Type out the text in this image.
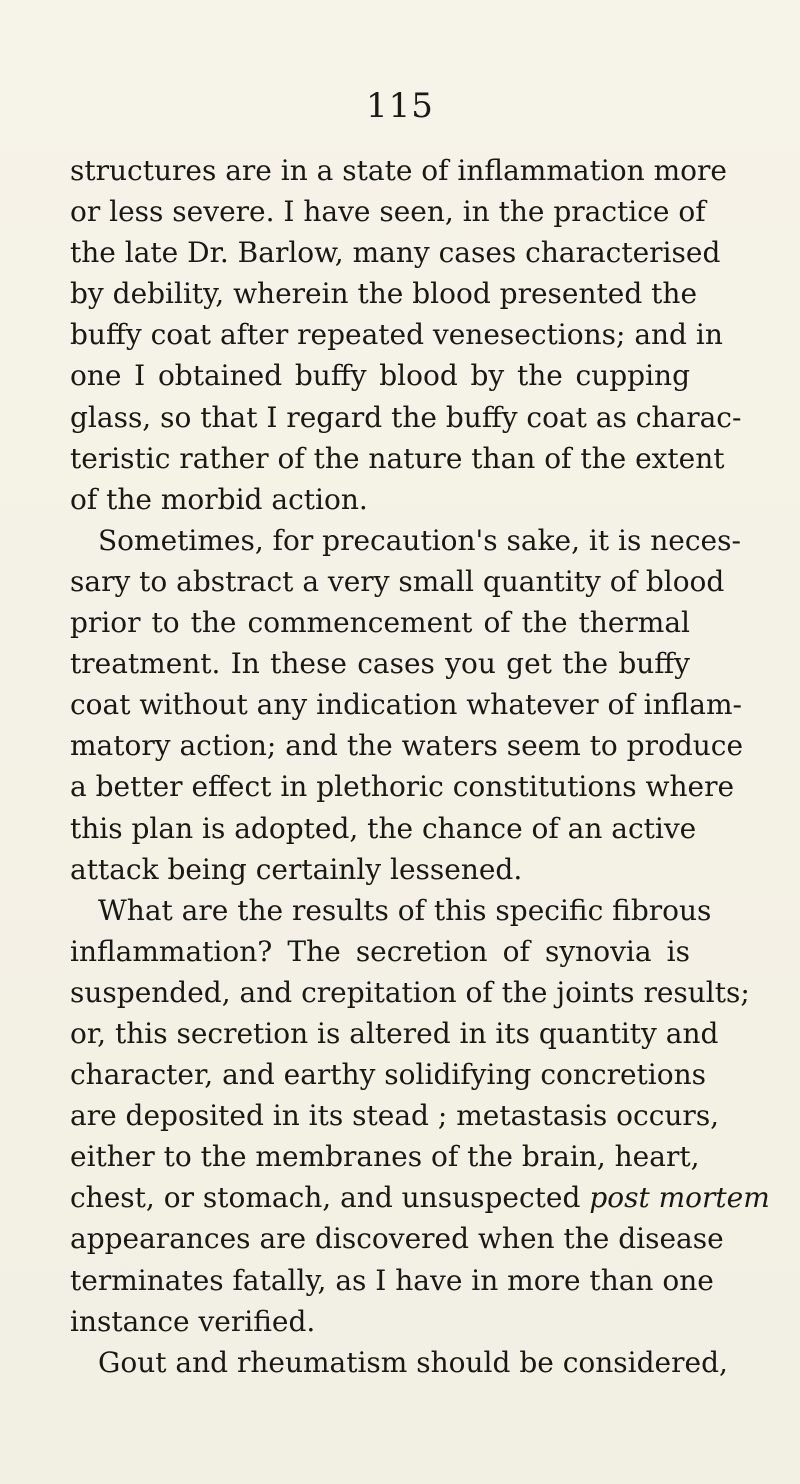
115
structures are in a state of inflammation more
or less severe. I have seen, in the practice of
the late Dr. Barlow, many cases characterised
by debility, wherein the blood presented the
buffy coat after repeated venesections; and in
one I obtained buffy blood by the cupping
glass, so that I regard the buffy coat as charac-
teristic rather of the nature than of the extent
of the morbid action.
Sometimes, for precaution's sake, it is neces-
sary to abstract a very small quantity of blood
prior to the commencement of the thermal
treatment. In these cases you get the buffy
coat without any indication whatever of inflam-
matory action; and the waters seem to produce
a better effect in plethoric constitutions where
this plan is adopted, the chance of an active
attack being certainly lessened.
What are the results of this specific fibrous
inflammation? The secretion of synovia is
suspended, and crepitation of the joints results;
or, this secretion is altered in its quantity and
character, and earthy solidifying concretions
are deposited in its stead ; metastasis occurs,
either to the membranes of the brain, heart,
chest, or stomach, and unsuspected post mortem
appearances are discovered when the disease
terminates fatally, as I have in more than one
instance verified.
Gout and rheumatism should be considered,
